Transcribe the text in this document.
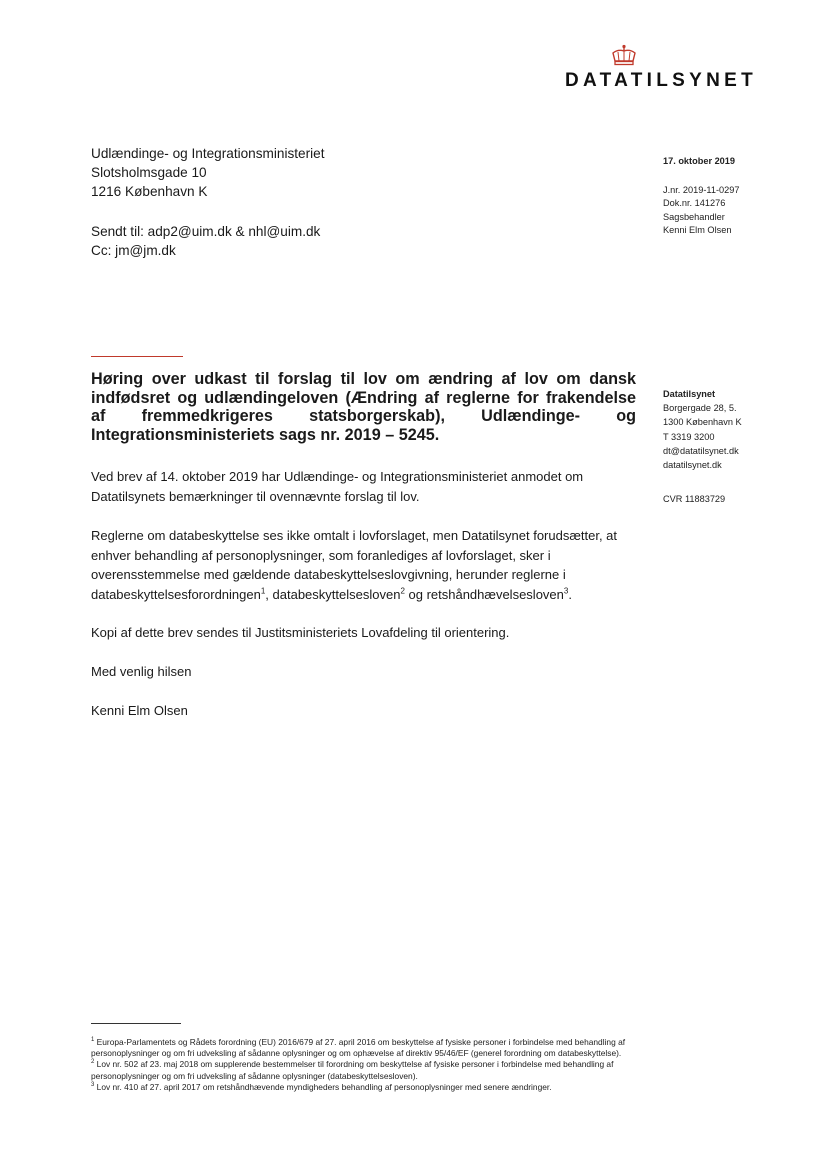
DATATILSYNET
Udlændinge- og Integrationsministeriet
Slotsholmsgade 10
1216 København K
Sendt til: adp2@uim.dk & nhl@uim.dk
Cc: jm@jm.dk
17. oktober 2019
J.nr. 2019-11-0297
Dok.nr. 141276
Sagsbehandler
Kenni Elm Olsen
Høring over udkast til forslag til lov om ændring af lov om dansk indfødsret og udlændingeloven (Ændring af reglerne for frakendelse af fremmedkrigeres statsborgerskab), Udlændinge- og Integrationsministeriets sags nr. 2019 – 5245.
Datatilsynet
Borgergade 28, 5.
1300 København K
T 3319 3200
dt@datatilsynet.dk
datatilsynet.dk
CVR 11883729
Ved brev af 14. oktober 2019 har Udlændinge- og Integrationsministeriet anmodet om Datatilsynets bemærkninger til ovennævnte forslag til lov.
Reglerne om databeskyttelse ses ikke omtalt i lovforslaget, men Datatilsynet forudsætter, at enhver behandling af personoplysninger, som foranlediges af lovforslaget, sker i overensstemmelse med gældende databeskyttelseslovgivning, herunder reglerne i databeskyttelsesforordningen$^1$, databeskyttelsesloven$^2$ og retshåndhævelsesloven$^3$.
Kopi af dette brev sendes til Justitsministeriets Lovafdeling til orientering.
Med venlig hilsen
Kenni Elm Olsen
$^1$ Europa-Parlamentets og Rådets forordning (EU) 2016/679 af 27. april 2016 om beskyttelse af fysiske personer i forbindelse med behandling af personoplysninger og om fri udveksling af sådanne oplysninger og om ophævelse af direktiv 95/46/EF (generel forordning om databeskyttelse).
$^2$ Lov nr. 502 af 23. maj 2018 om supplerende bestemmelser til forordning om beskyttelse af fysiske personer i forbindelse med behandling af personoplysninger og om fri udveksling af sådanne oplysninger (databeskyttelsesloven).
$^3$ Lov nr. 410 af 27. april 2017 om retshåndhævende myndigheders behandling af personoplysninger med senere ændringer.
